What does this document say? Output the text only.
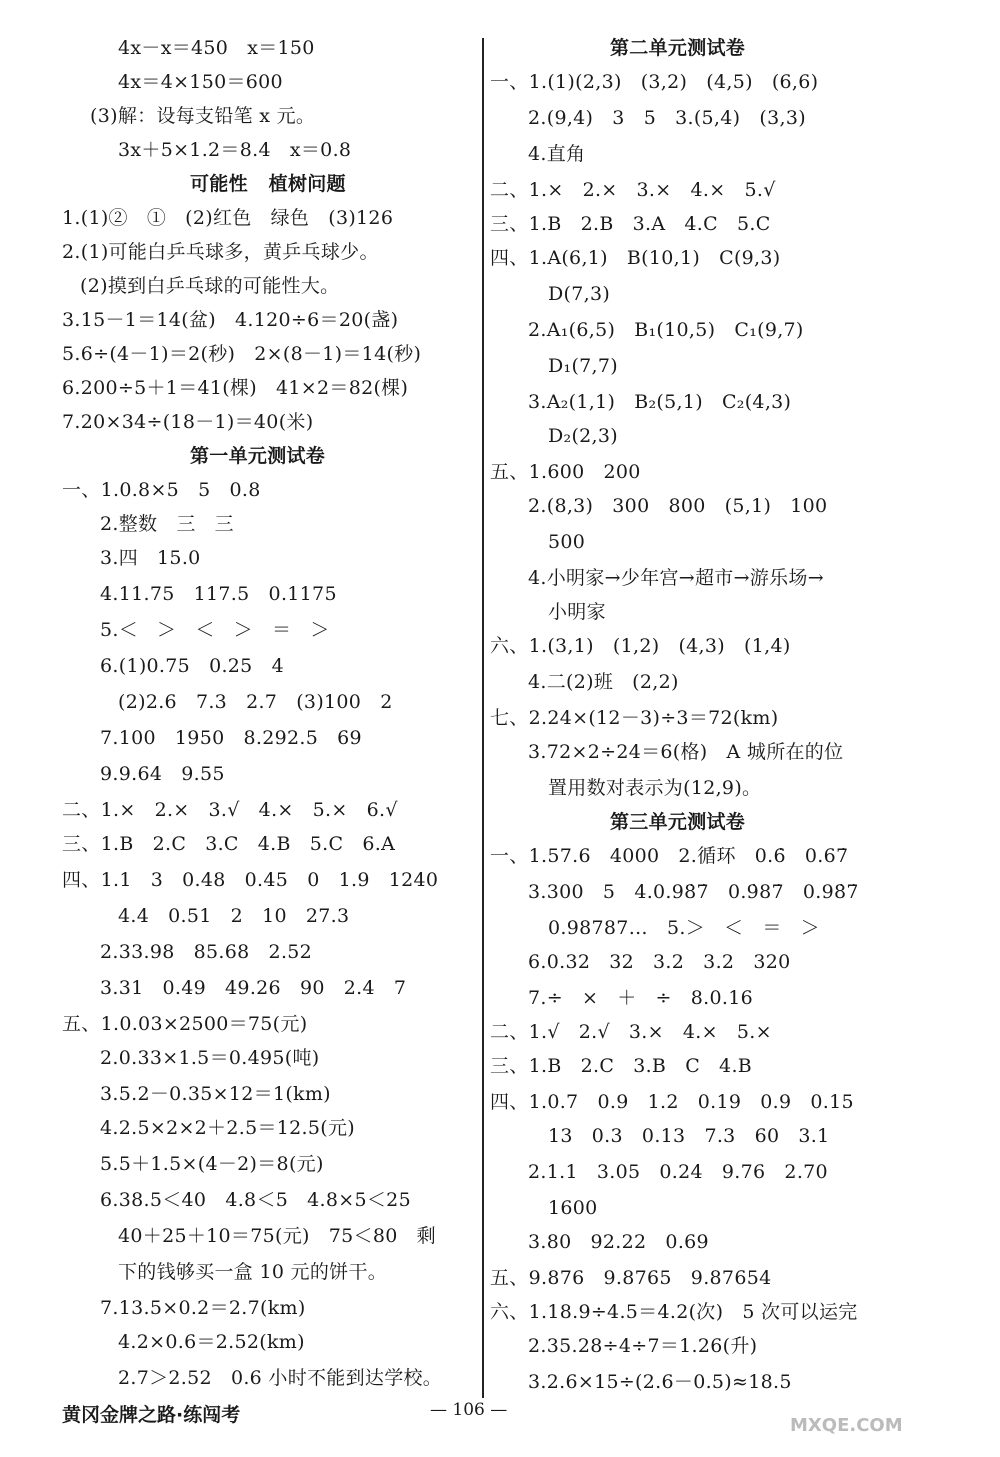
4x－x＝450   x＝150
4x＝4×150＝600
(3)解：设每支铅笔 x 元。
3x＋5×1.2＝8.4   x＝0.8
可能性   植树问题
1.(1)②   ①   (2)红色   绿色   (3)126
2.(1)可能白乒乓球多，黄乒乓球少。
(2)摸到白乒乓球的可能性大。
3.15－1＝14(盆)   4.120÷6＝20(盏)
5.6÷(4－1)＝2(秒)   2×(8－1)＝14(秒)
6.200÷5＋1＝41(棵)   41×2＝82(棵)
7.20×34÷(18－1)＝40(米)
第一单元测试卷
一、1.0.8×5   5   0.8
2.整数   三   三
3.四   15.0
4.11.75   117.5   0.1175
5.＜   ＞   ＜   ＞   ＝   ＞
6.(1)0.75   0.25   4
(2)2.6   7.3   2.7   (3)100   2
7.100   1950   8.292.5   69
9.9.64   9.55
二、1.×   2.×   3.√   4.×   5.×   6.√
三、1.B   2.C   3.C   4.B   5.C   6.A
四、1.1   3   0.48   0.45   0   1.9   1240
4.4   0.51   2   10   27.3
2.33.98   85.68   2.52
3.31   0.49   49.26   90   2.4   7
五、1.0.03×2500＝75(元)
2.0.33×1.5＝0.495(吨)
3.5.2－0.35×12＝1(km)
4.2.5×2×2＋2.5＝12.5(元)
5.5＋1.5×(4－2)＝8(元)
6.38.5＜40   4.8＜5   4.8×5＜25
40＋25＋10＝75(元)   75＜80   剩
下的钱够买一盒 10 元的饼干。
7.13.5×0.2＝2.7(km)
4.2×0.6＝2.52(km)
2.7＞2.52   0.6 小时不能到达学校。
第二单元测试卷
一、1.(1)(2,3)   (3,2)   (4,5)   (6,6)
2.(9,4)   3   5   3.(5,4)   (3,3)
4.直角
二、1.×   2.×   3.×   4.×   5.√
三、1.B   2.B   3.A   4.C   5.C
四、1.A(6,1)   B(10,1)   C(9,3)
D(7,3)
2.A₁(6,5)   B₁(10,5)   C₁(9,7)
D₁(7,7)
3.A₂(1,1)   B₂(5,1)   C₂(4,3)
D₂(2,3)
五、1.600   200
2.(8,3)   300   800   (5,1)   100
500
4.小明家→少年宫→超市→游乐场→
小明家
六、1.(3,1)   (1,2)   (4,3)   (1,4)
4.二(2)班   (2,2)
七、2.24×(12－3)÷3＝72(km)
3.72×2÷24＝6(格)   A 城所在的位
置用数对表示为(12,9)。
第三单元测试卷
一、1.57.6   4000   2.循环   0.6̇   0.67̇
3.300   5   4.0.98̇7̇   0.9̇87̇   0.98̇7̇
0.98787…   5.＞   ＜   ＝   ＞
6.0.32   32   3.2   3.2   320
7.÷   ×   ＋   ÷   8.0.16
二、1.√   2.√   3.×   4.×   5.×
三、1.B   2.C   3.B   C   4.B
四、1.0.7   0.9   1.2   0.19   0.9   0.15
13   0.3   0.13   7.3   60   3.1
2.1.1   3.05   0.24   9.76   2.70
1600
3.80   92.22   0.69
五、9.876   9.8765   9.87654
六、1.18.9÷4.5＝4.2(次)   5 次可以运完
2.35.28÷4÷7＝1.26(升)
3.2.6×15÷(2.6－0.5)≈18.5
黄冈金牌之路·练闯考	— 106 —
MXQE.COM
